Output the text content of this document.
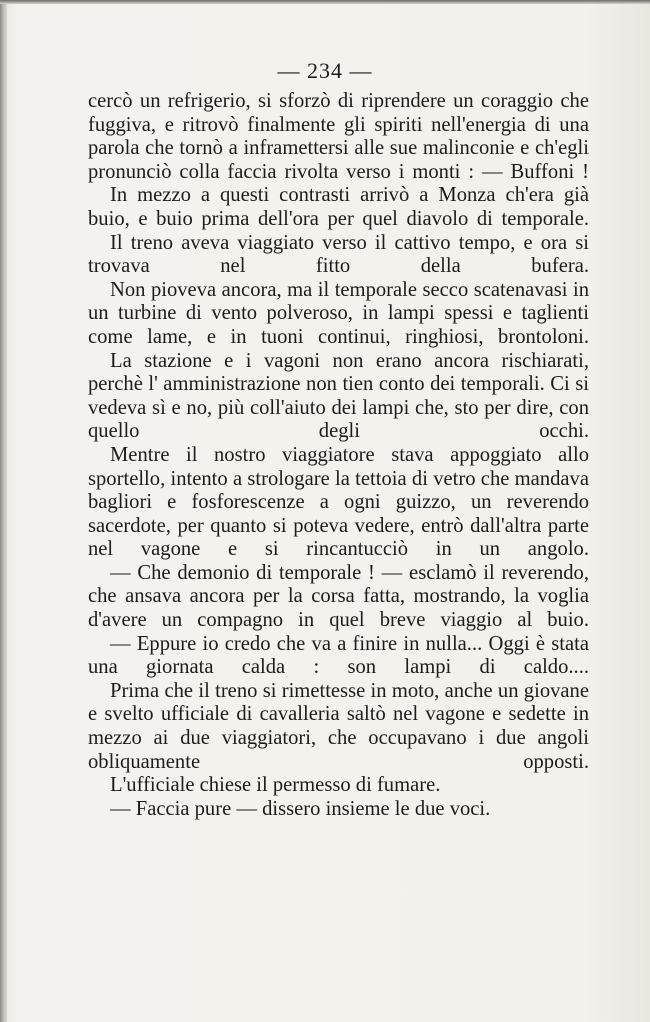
— 234 —

cercò un refrigerio, si sforzò di riprendere un coraggio che fuggiva, e ritrovò finalmente gli spiriti nell'energia di una parola che tornò a inframettersi alle sue malinconie e ch'egli pronunciò colla faccia rivolta verso i monti : — Buffoni !

In mezzo a questi contrasti arrivò a Monza ch'era già buio, e buio prima dell'ora per quel diavolo di temporale.

Il treno aveva viaggiato verso il cattivo tempo, e ora si trovava nel fitto della bufera.

Non pioveva ancora, ma il temporale secco scatenavasi in un turbine di vento polveroso, in lampi spessi e taglienti come lame, e in tuoni continui, ringhiosi, brontoloni.

La stazione e i vagoni non erano ancora rischiarati, perchè l' amministrazione non tien conto dei temporali. Ci si vedeva sì e no, più coll'aiuto dei lampi che, sto per dire, con quello degli occhi.

Mentre il nostro viaggiatore stava appoggiato allo sportello, intento a strologare la tettoia di vetro che mandava bagliori e fosforescenze a ogni guizzo, un reverendo sacerdote, per quanto si poteva vedere, entrò dall'altra parte nel vagone e si rincantucciò in un angolo.

— Che demonio di temporale ! — esclamò il reverendo, che ansava ancora per la corsa fatta, mostrando, la voglia d'avere un compagno in quel breve viaggio al buio.

— Eppure io credo che va a finire in nulla... Oggi è stata una giornata calda : son lampi di caldo....

Prima che il treno si rimettesse in moto, anche un giovane e svelto ufficiale di cavalleria saltò nel vagone e sedette in mezzo ai due viaggiatori, che occupavano i due angoli obliquamente opposti.

L'ufficiale chiese il permesso di fumare.

— Faccia pure — dissero insieme le due voci.
